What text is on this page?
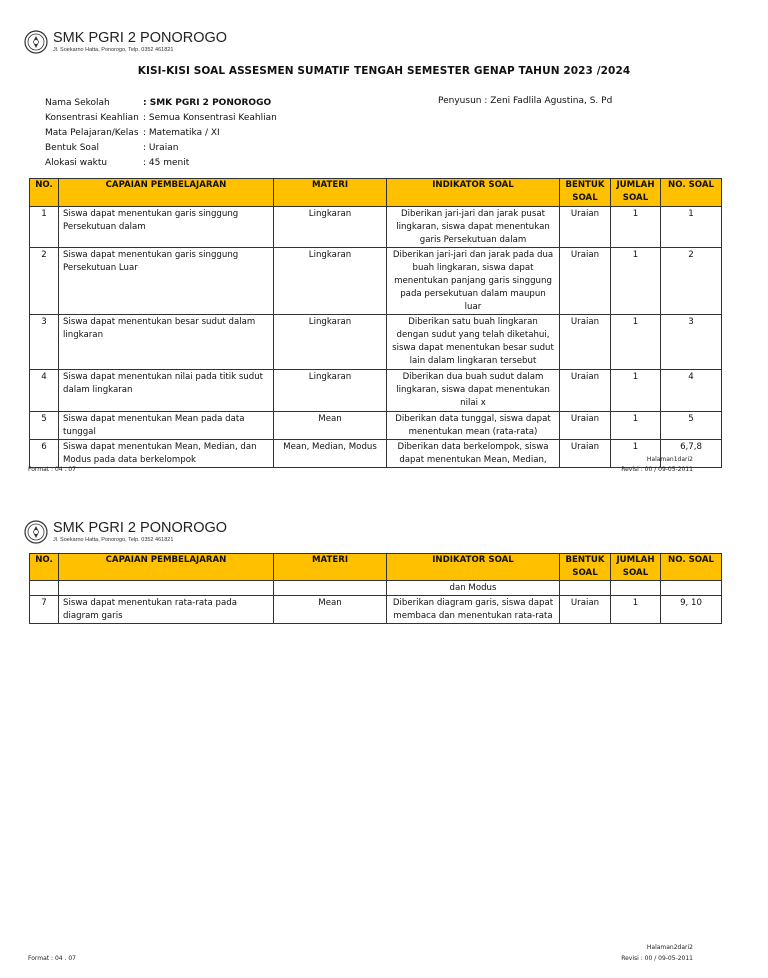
SMK PGRI 2 PONOROGO
Jl. Soekarno Hatta, Ponorogo, Telp. 0352 461821
KISI-KISI SOAL ASSESMEN SUMATIF TENGAH SEMESTER GENAP TAHUN 2023 /2024
Nama Sekolah	: SMK PGRI 2 PONOROGO
Konsentrasi Keahlian : Semua Konsentrasi Keahlian
Mata Pelajaran/Kelas : Matematika / XI
Bentuk Soal	: Uraian
Alokasi waktu	: 45 menit
Penyusun : Zeni Fadlila Agustina, S. Pd
NO.	CAPAIAN PEMBELAJARAN	MATERI	INDIKATOR SOAL	BENTUK SOAL	JUMLAH SOAL	NO. SOAL
1	Siswa dapat menentukan garis singgung Persekutuan dalam	Lingkaran	Diberikan jari-jari dan jarak pusat lingkaran, siswa dapat menentukan garis Persekutuan dalam	Uraian	1	1
2	Siswa dapat menentukan garis singgung Persekutuan Luar	Lingkaran	Diberikan jari-jari dan jarak pada dua buah lingkaran, siswa dapat menentukan panjang garis singgung pada persekutuan dalam maupun luar	Uraian	1	2
3	Siswa dapat menentukan besar sudut dalam lingkaran	Lingkaran	Diberikan satu buah lingkaran dengan sudut yang telah diketahui, siswa dapat menentukan besar sudut lain dalam lingkaran tersebut	Uraian	1	3
4	Siswa dapat menentukan nilai pada titik sudut dalam lingkaran	Lingkaran	Diberikan dua buah sudut dalam lingkaran, siswa dapat menentukan nilai x	Uraian	1	4
5	Siswa dapat menentukan Mean pada data tunggal	Mean	Diberikan data tunggal, siswa dapat menentukan mean (rata-rata)	Uraian	1	5
6	Siswa dapat menentukan Mean, Median, dan Modus pada data berkelompok	Mean, Median, Modus	Diberikan data berkelompok, siswa dapat menentukan Mean, Median,	Uraian	1	6,7,8
Halaman1dari2
Format : 04 . 07	Revisi : 00 / 09-05-2011
SMK PGRI 2 PONOROGO
Jl. Soekarno Hatta, Ponorogo, Telp. 0352 461821
NO.	CAPAIAN PEMBELAJARAN	MATERI	INDIKATOR SOAL	BENTUK SOAL	JUMLAH SOAL	NO. SOAL
			dan Modus			
7	Siswa dapat menentukan rata-rata pada diagram garis	Mean	Diberikan diagram garis, siswa dapat membaca dan menentukan rata-rata	Uraian	1	9, 10
Halaman2dari2
Format : 04 . 07	Revisi : 00 / 09-05-2011
